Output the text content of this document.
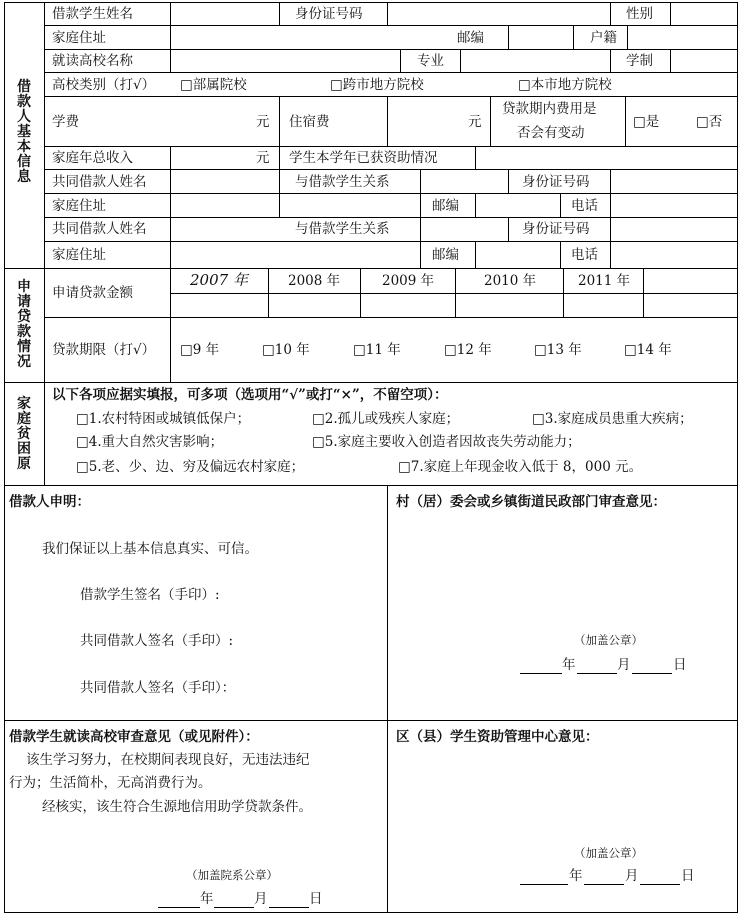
借款人基本信息
申请贷款情况
家庭贫困原
借款学生姓名	身份证号码	性别
家庭住址	邮编	户籍
就读高校名称	专业	学制
高校类别（打√） □部属院校	□跨市地方院校	□本市地方院校
学费	元 住宿费	元
贷款期内费用是
否会有变动
□是	□否
家庭年总收入	元 学生本学年已获资助情况
共同借款人姓名	与借款学生关系	身份证号码
家庭住址	邮编	电话
共同借款人姓名	与借款学生关系	身份证号码
家庭住址	邮编	电话
申请贷款金额
2007 年	2008 年	2009 年	2010 年	2011 年
贷款期限（打√） □9 年	□10 年	□11 年	□12 年	□13 年	□14 年
以下各项应据实填报，可多项（选项用“√”或打“×”，不留空项）：
□1.农村特困或城镇低保户；	□2.孤儿或残疾人家庭；	□3.家庭成员患重大疾病；
□4.重大自然灾害影响；	□5.家庭主要收入创造者因故丧失劳动能力；
□5.老、少、边、穷及偏远农村家庭；	□7.家庭上年现金收入低于 8，000 元。
借款人申明：
我们保证以上基本信息真实、可信。
借款学生签名（手印）:
共同借款人签名（手印）:
共同借款人签名（手印）：
村（居）委会或乡镇街道民政部门审查意见：
（加盖公章）
年	月	日
借款学生就读高校审查意见（或见附件）：
该生学习努力，在校期间表现良好，无违法违纪
行为；生活简朴，无高消费行为。
经核实，该生符合生源地信用助学贷款条件。
（加盖院系公章）
年	月	日
区（县）学生资助管理中心意见：
（加盖公章）
年	月	日
